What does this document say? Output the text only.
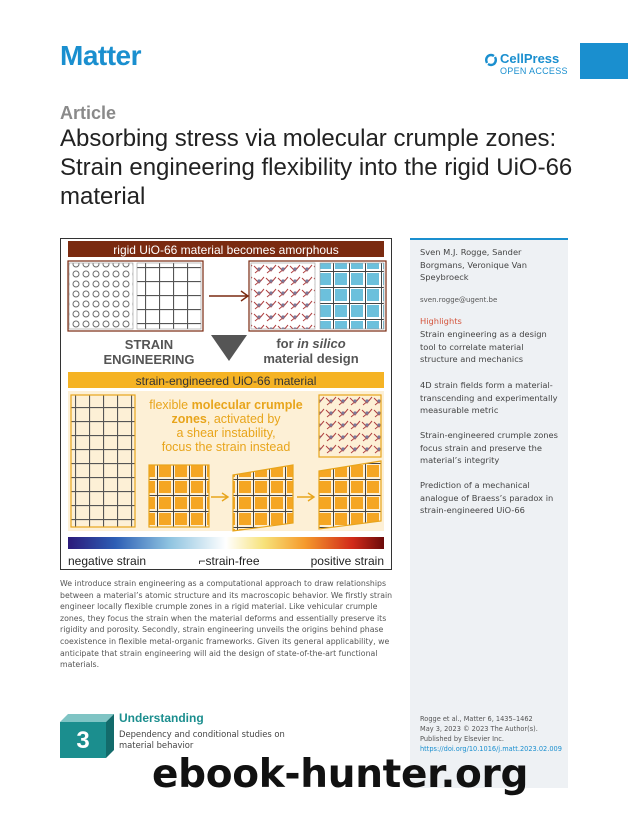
Matter	CellPress
OPEN ACCESS
Article
Absorbing stress via molecular crumple zones: Strain engineering flexibility into the rigid UiO-66 material
rigid UiO-66 material becomes amorphous
STRAIN
ENGINEERING
for in silico
material design
strain-engineered UiO-66 material
flexible molecular crumple
zones, activated by
a shear instability,
focus the strain instead
negative strain	⌐strain-free	positive strain
Sven M.J. Rogge, Sander Borgmans, Veronique Van Speybroeck
sven.rogge@ugent.be
Highlights
Strain engineering as a design tool to correlate material structure and mechanics
4D strain fields form a material-transcending and experimentally measurable metric
Strain-engineered crumple zones focus strain and preserve the material’s integrity
Prediction of a mechanical analogue of Braess’s paradox in strain-engineered UiO-66
Rogge et al., Matter 6, 1435–1462
May 3, 2023 © 2023 The Author(s). Published by Elsevier Inc.
https://doi.org/10.1016/j.matt.2023.02.009
We introduce strain engineering as a computational approach to draw relationships between a material’s atomic structure and its macroscopic behavior. We firstly strain engineer locally flexible crumple zones in a rigid material. Like vehicular crumple zones, they focus the strain when the material deforms and essentially preserve its rigidity and porosity. Secondly, strain engineering unveils the origins behind phase coexistence in flexible metal-organic frameworks. Given its general applicability, we anticipate that strain engineering will aid the design of state-of-the-art functional materials.
3
Understanding
Dependency and conditional studies on material behavior
ebook-hunter.org
